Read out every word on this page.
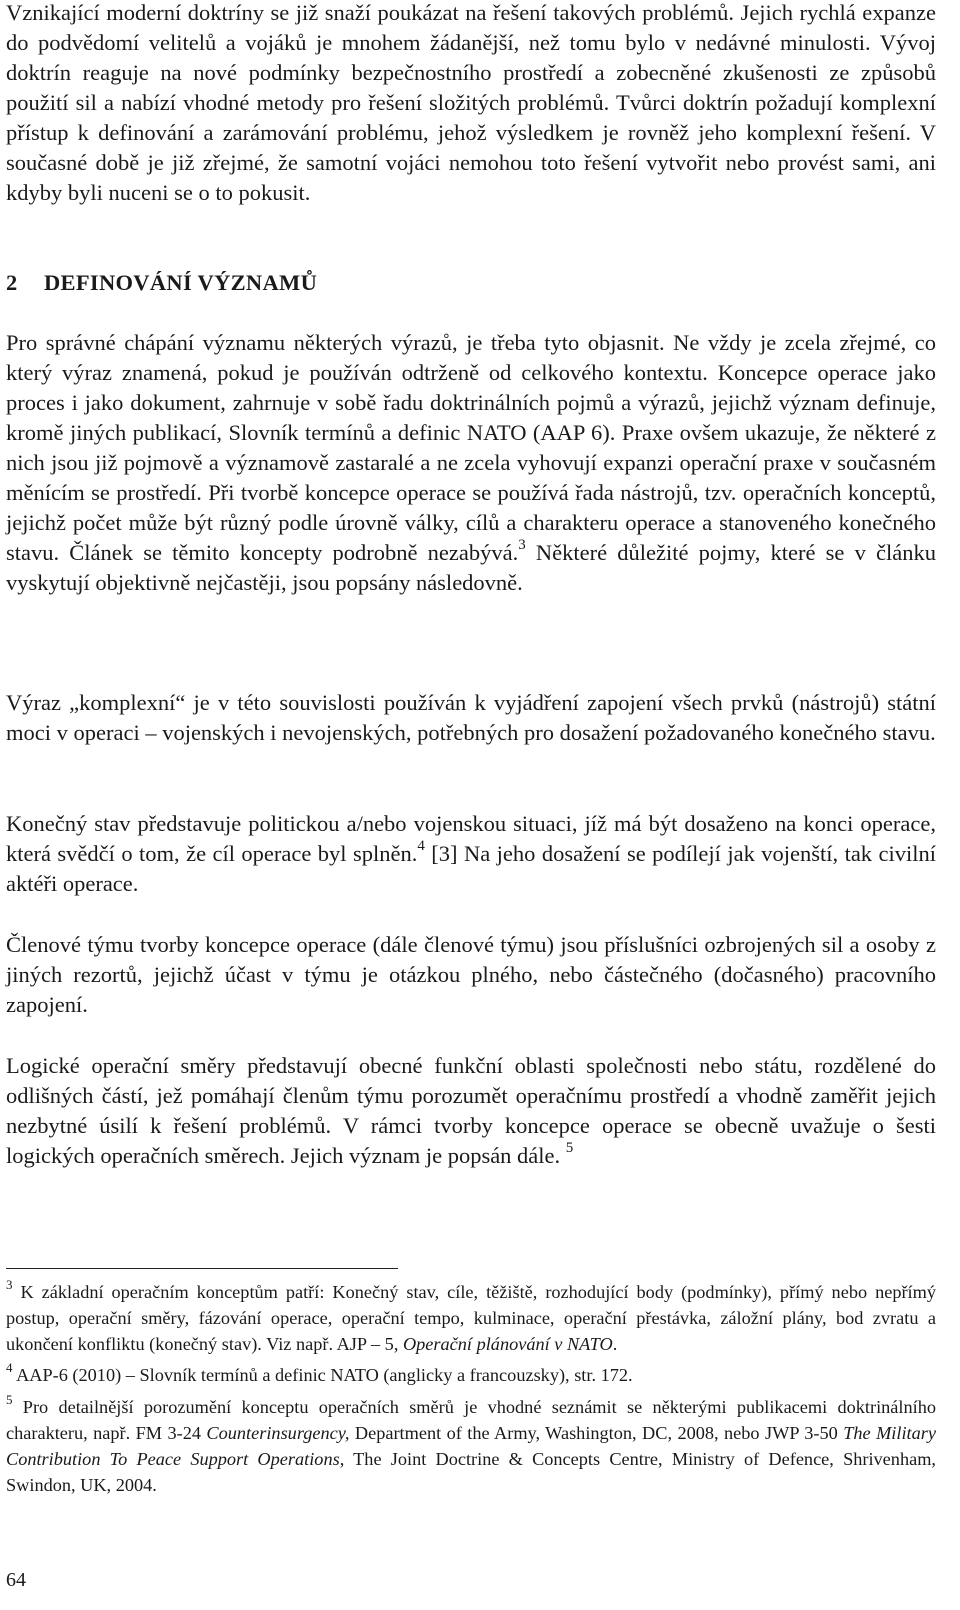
Vznikající moderní doktríny se již snaží poukázat na řešení takových problémů. Jejich rychlá expanze do podvědomí velitelů a vojáků je mnohem žádanější, než tomu bylo v nedávné minulosti. Vývoj doktrín reaguje na nové podmínky bezpečnostního prostředí a zobecněné zkušenosti ze způsobů použití sil a nabízí vhodné metody pro řešení složitých problémů. Tvůrci doktrín požadují komplexní přístup k definování a zarámování problému, jehož výsledkem je rovněž jeho komplexní řešení. V současné době je již zřejmé, že samotní vojáci nemohou toto řešení vytvořit nebo provést sami, ani kdyby byli nuceni se o to pokusit.

2 DEFINOVÁNÍ VÝZNAMŮ

Pro správné chápání významu některých výrazů, je třeba tyto objasnit. Ne vždy je zcela zřejmé, co který výraz znamená, pokud je používán odtrženě od celkového kontextu. Koncepce operace jako proces i jako dokument, zahrnuje v sobě řadu doktrinálních pojmů a výrazů, jejichž význam definuje, kromě jiných publikací, Slovník termínů a definic NATO (AAP 6). Praxe ovšem ukazuje, že některé z nich jsou již pojmově a významově zastaralé a ne zcela vyhovují expanzi operační praxe v současném měnícím se prostředí. Při tvorbě koncepce operace se používá řada nástrojů, tzv. operačních konceptů, jejichž počet může být různý podle úrovně války, cílů a charakteru operace a stanoveného konečného stavu. Článek se těmito koncepty podrobně nezabývá.$^3$ Některé důležité pojmy, které se v článku vyskytují objektivně nejčastěji, jsou popsány následovně.

Výraz „komplexní“ je v této souvislosti používán k vyjádření zapojení všech prvků (nástrojů) státní moci v operaci – vojenských i nevojenských, potřebných pro dosažení požadovaného konečného stavu.

Konečný stav představuje politickou a/nebo vojenskou situaci, jíž má být dosaženo na konci operace, která svědčí o tom, že cíl operace byl splněn.$^4$ [3] Na jeho dosažení se podílejí jak vojenští, tak civilní aktéři operace.

Členové týmu tvorby koncepce operace (dále členové týmu) jsou příslušníci ozbrojených sil a osoby z jiných rezortů, jejichž účast v týmu je otázkou plného, nebo částečného (dočasného) pracovního zapojení.

Logické operační směry představují obecné funkční oblasti společnosti nebo státu, rozdělené do odlišných částí, jež pomáhají členům týmu porozumět operačnímu prostředí a vhodně zaměřit jejich nezbytné úsilí k řešení problémů. V rámci tvorby koncepce operace se obecně uvažuje o šesti logických operačních směrech. Jejich význam je popsán dále. $^5$

$^3$ K základní operačním konceptům patří: Konečný stav, cíle, těžiště, rozhodující body (podmínky), přímý nebo nepřímý postup, operační směry, fázování operace, operační tempo, kulminace, operační přestávka, záložní plány, bod zvratu a ukončení konfliktu (konečný stav). Viz např. AJP – 5, Operační plánování v NATO.

$^4$ AAP-6 (2010) – Slovník termínů a definic NATO (anglicky a francouzsky), str. 172.

$^5$ Pro detailnější porozumění konceptu operačních směrů je vhodné seznámit se některými publikacemi doktrinálního charakteru, např. FM 3-24 Counterinsurgency, Department of the Army, Washington, DC, 2008, nebo JWP 3-50 The Military Contribution To Peace Support Operations, The Joint Doctrine & Concepts Centre, Ministry of Defence, Shrivenham, Swindon, UK, 2004.

64
